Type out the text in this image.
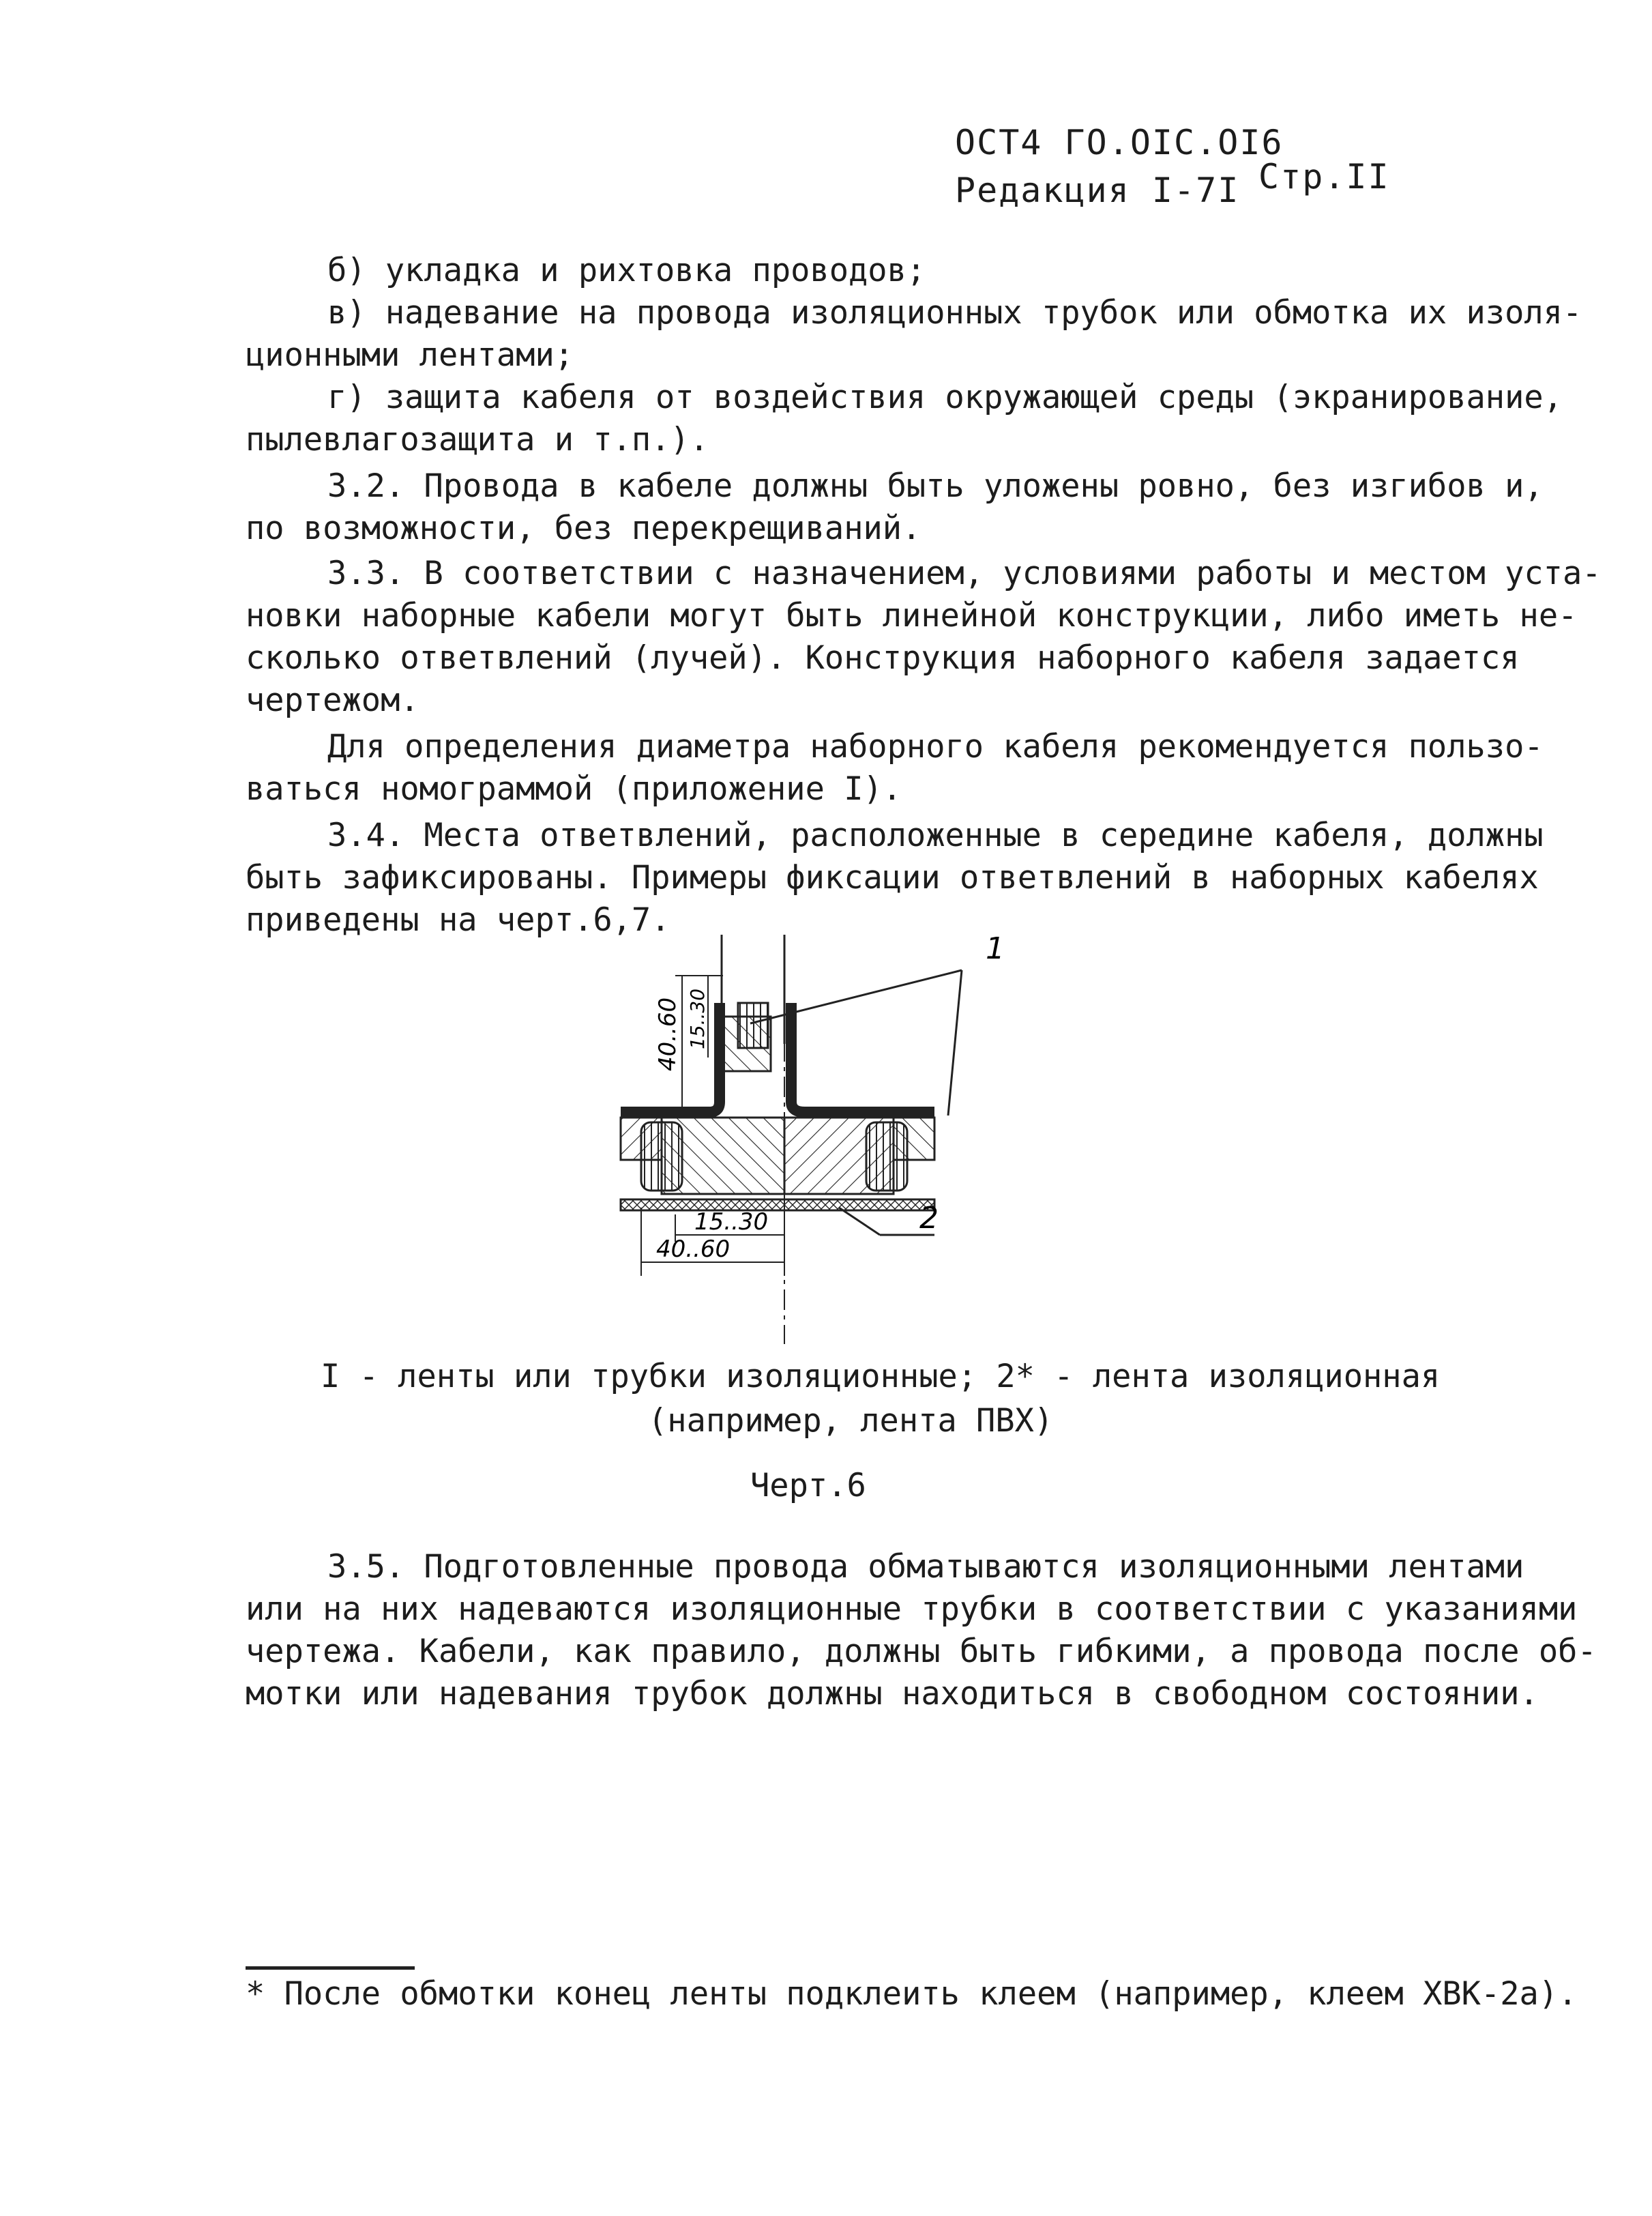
ОСТ4 ГО.ОІС.ОІ6
Редакция І-7І Стр.ІІ
б) укладка и рихтовка проводов;
в) надевание на провода изоляционных трубок или обмотка их изоля-
ционными лентами;
г) защита кабеля от воздействия окружающей среды (экранирование,
пылевлагозащита и т.п.).
3.2. Провода в кабеле должны быть уложены ровно, без изгибов и,
по возможности, без перекрещиваний.
3.3. В соответствии с назначением, условиями работы и местом уста-
новки наборные кабели могут быть линейной конструкции, либо иметь не-
сколько ответвлений (лучей). Конструкция наборного кабеля задается
чертежом.
Для определения диаметра наборного кабеля рекомендуется пользо-
ваться номограммой (приложение І).
3.4. Места ответвлений, расположенные в середине кабеля, должны
быть зафиксированы. Примеры фиксации ответвлений в наборных кабелях
приведены на черт.6,7.
1
2
40..60 15..30
15..30
40..60
І - ленты или трубки изоляционные; 2* - лента изоляционная
(например, лента ПВХ)
Черт.6
3.5. Подготовленные провода обматываются изоляционными лентами
или на них надеваются изоляционные трубки в соответствии с указаниями
чертежа. Кабели, как правило, должны быть гибкими, а провода после об-
мотки или надевания трубок должны находиться в свободном состоянии.
* После обмотки конец ленты подклеить клеем (например, клеем ХВК-2а).
